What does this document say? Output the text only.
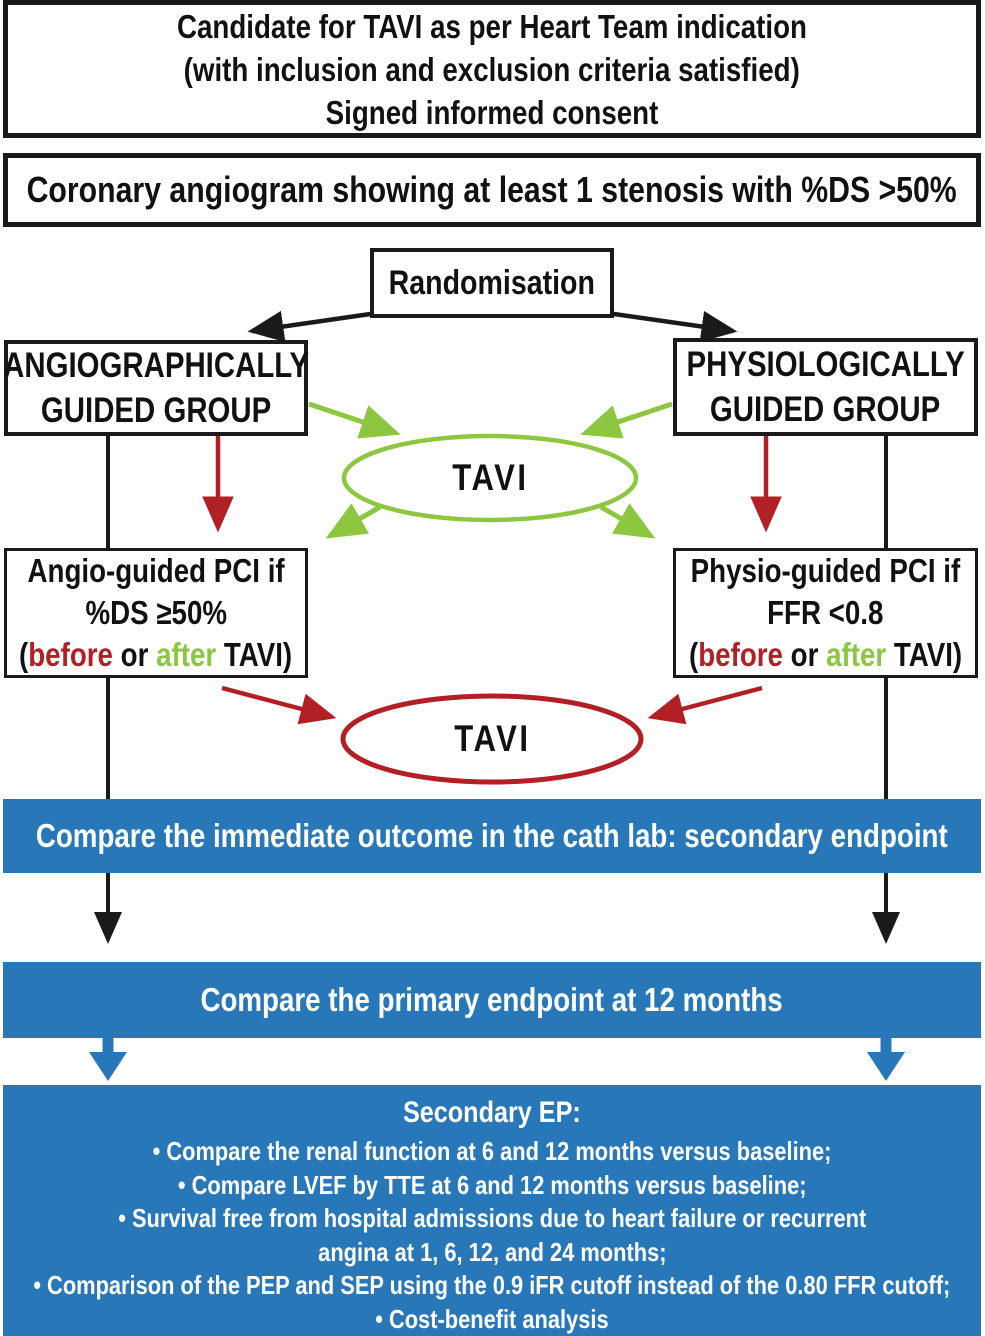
Candidate for TAVI as per Heart Team indication
(with inclusion and exclusion criteria satisfied)
Signed informed consent
Coronary angiogram showing at least 1 stenosis with %DS >50%
Randomisation
ANGIOGRAPHICALLY
GUIDED GROUP
PHYSIOLOGICALLY
GUIDED GROUP
TAVI
Angio-guided PCI if
%DS ≥50%
(before or after TAVI)
Physio-guided PCI if
FFR <0.8
(before or after TAVI)
TAVI
Compare the immediate outcome in the cath lab: secondary endpoint
Compare the primary endpoint at 12 months
Secondary EP:
• Compare the renal function at 6 and 12 months versus baseline;
• Compare LVEF by TTE at 6 and 12 months versus baseline;
• Survival free from hospital admissions due to heart failure or recurrent
angina at 1, 6, 12, and 24 months;
• Comparison of the PEP and SEP using the 0.9 iFR cutoff instead of the 0.80 FFR cutoff;
• Cost-benefit analysis
